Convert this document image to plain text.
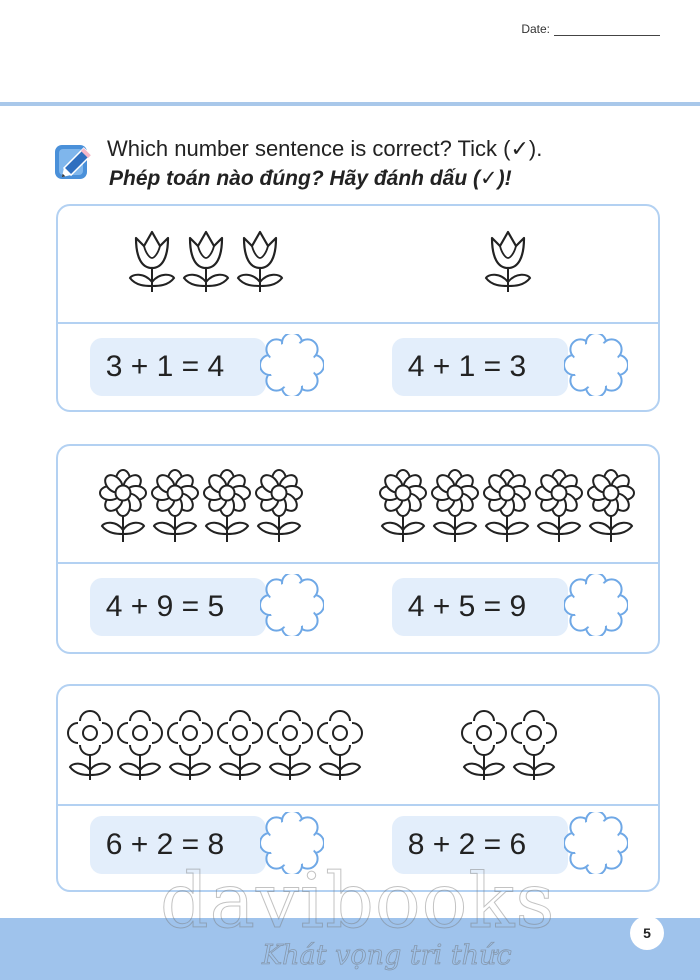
Date:
Which number sentence is correct? Tick (✓).
Phép toán nào đúng? Hãy đánh dấu (✓)!
3 + 1 = 4	4 + 1 = 3
4 + 9 = 5	4 + 5 = 9
6 + 2 = 8	8 + 2 = 6
davibooks
Khát vọng tri thức
5
